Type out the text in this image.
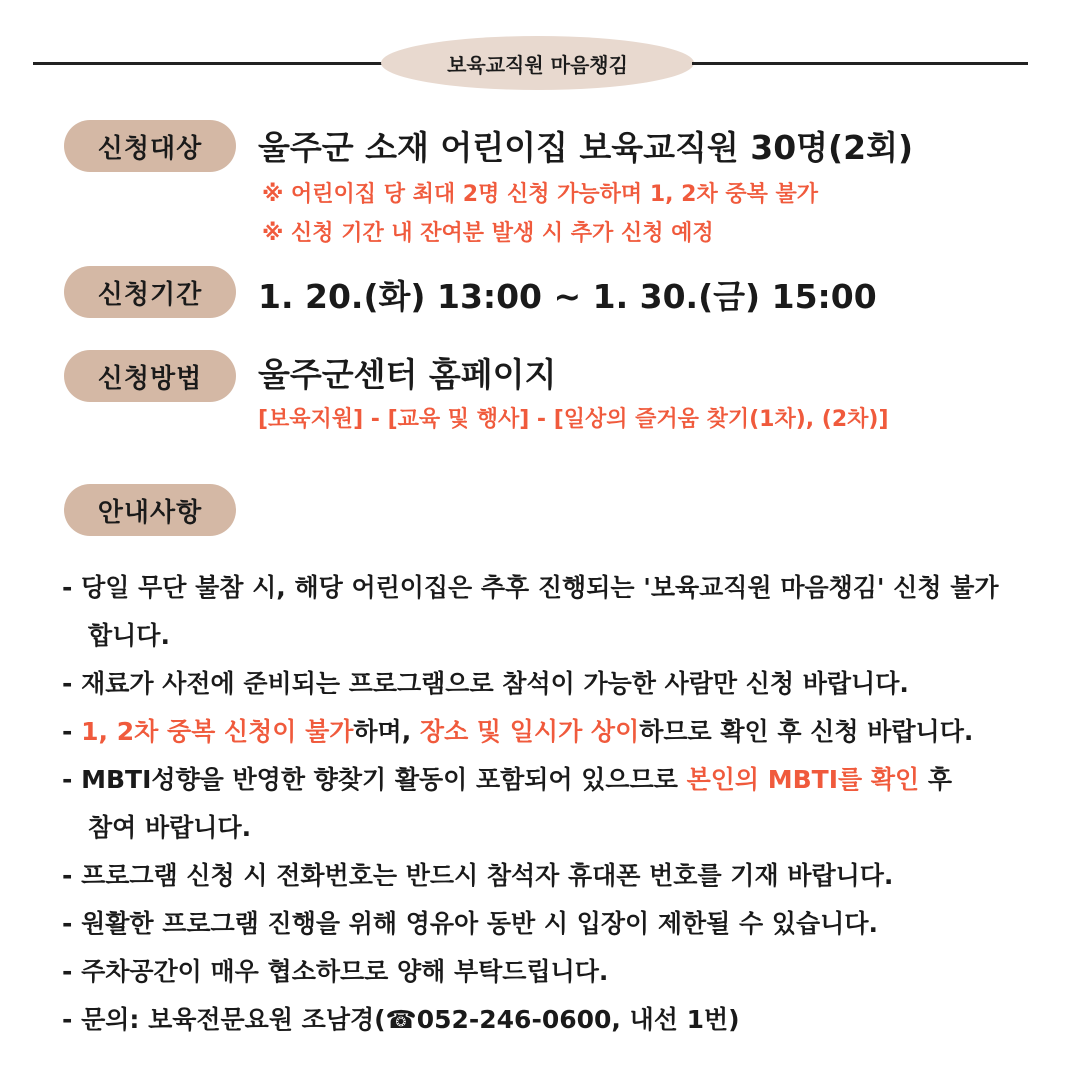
보육교직원 마음챙김
신청대상	울주군 소재 어린이집 보육교직원 30명(2회)
※ 어린이집 당 최대 2명 신청 가능하며 1, 2차 중복 불가
※ 신청 기간 내 잔여분 발생 시 추가 신청 예정
신청기간	1. 20.(화) 13:00 ~ 1. 30.(금) 15:00
신청방법	울주군센터 홈페이지
[보육지원] - [교육 및 행사] - [일상의 즐거움 찾기(1차), (2차)]
안내사항
- 당일 무단 불참 시, 해당 어린이집은 추후 진행되는 '보육교직원 마음챙김' 신청 불가
합니다.
- 재료가 사전에 준비되는 프로그램으로 참석이 가능한 사람만 신청 바랍니다.
- 1, 2차 중복 신청이 불가하며, 장소 및 일시가 상이하므로 확인 후 신청 바랍니다.
- MBTI성향을 반영한 향찾기 활동이 포함되어 있으므로 본인의 MBTI를 확인 후
참여 바랍니다.
- 프로그램 신청 시 전화번호는 반드시 참석자 휴대폰 번호를 기재 바랍니다.
- 원활한 프로그램 진행을 위해 영유아 동반 시 입장이 제한될 수 있습니다.
- 주차공간이 매우 협소하므로 양해 부탁드립니다.
- 문의: 보육전문요원 조남경(☎052-246-0600, 내선 1번)
